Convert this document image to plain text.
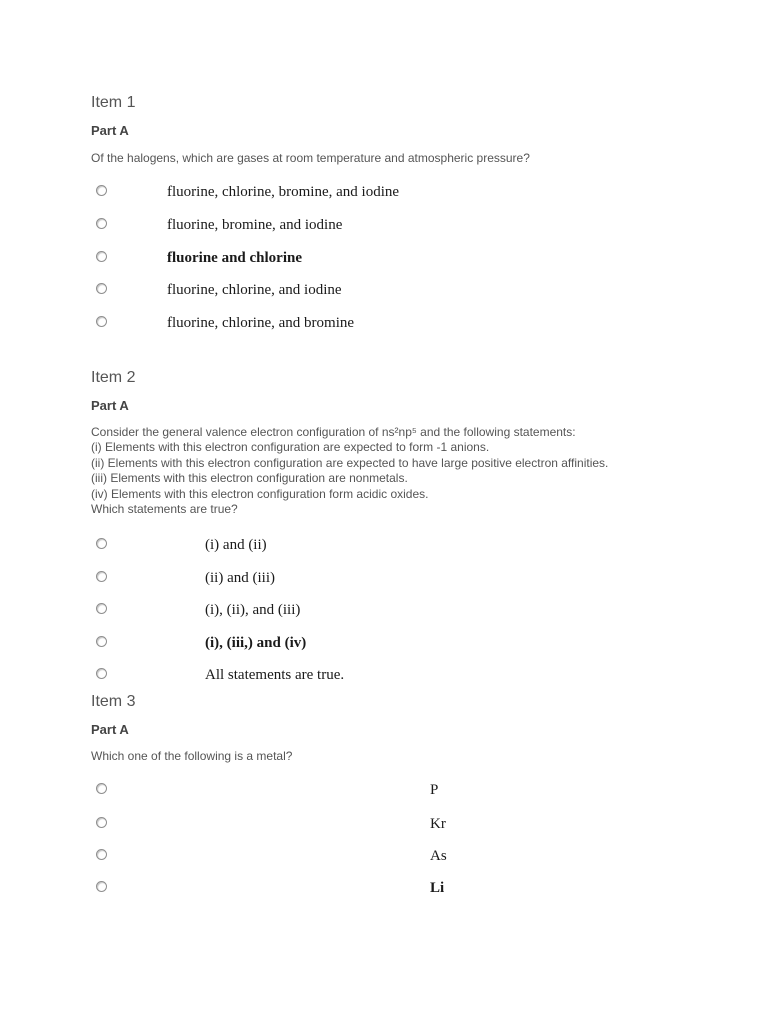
Item 1
Part A
Of the halogens, which are gases at room temperature and atmospheric pressure?
fluorine, chlorine, bromine, and iodine
fluorine, bromine, and iodine
fluorine and chlorine
fluorine, chlorine, and iodine
fluorine, chlorine, and bromine
Item 2
Part A
Consider the general valence electron configuration of ns²np⁵ and the following statements:
(i) Elements with this electron configuration are expected to form -1 anions.
(ii) Elements with this electron configuration are expected to have large positive electron affinities.
(iii) Elements with this electron configuration are nonmetals.
(iv) Elements with this electron configuration form acidic oxides.
Which statements are true?
(i) and (ii)
(ii) and (iii)
(i), (ii), and (iii)
(i), (iii,) and (iv)
All statements are true.
Item 3
Part A
Which one of the following is a metal?
P
Kr
As
Li
